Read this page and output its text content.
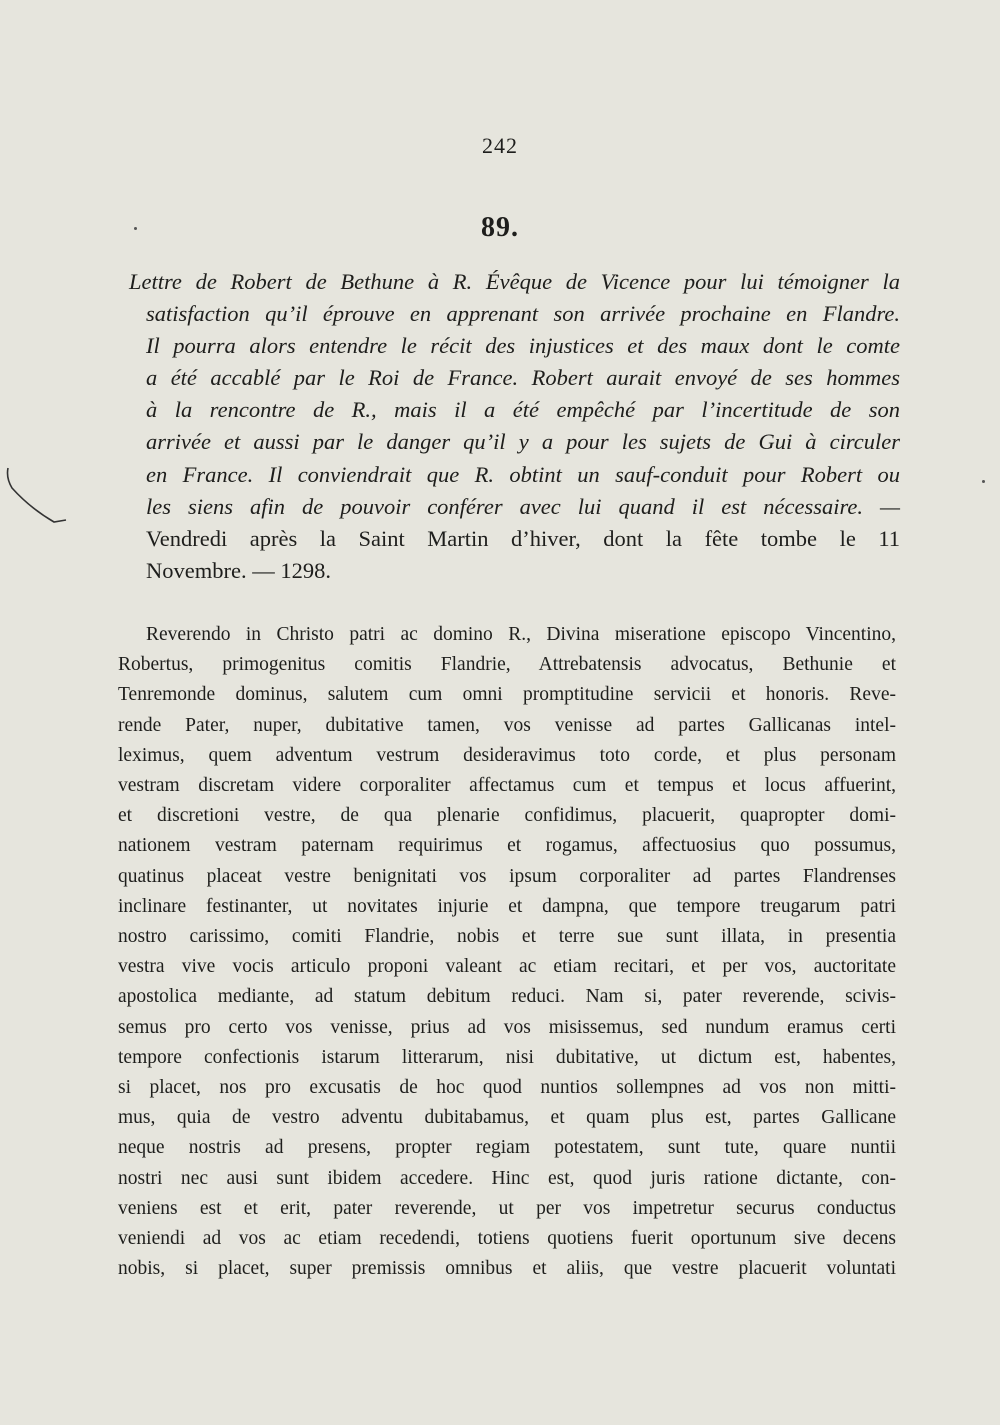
242
89.
Lettre de Robert de Bethune à R. Évêque de Vicence pour lui témoigner la
satisfaction qu’il éprouve en apprenant son arrivée prochaine en Flandre.
Il pourra alors entendre le récit des injustices et des maux dont le comte
a été accablé par le Roi de France. Robert aurait envoyé de ses hommes
à la rencontre de R., mais il a été empêché par l’incertitude de son
arrivée et aussi par le danger qu’il y a pour les sujets de Gui à circuler
en France. Il conviendrait que R. obtint un sauf-conduit pour Robert ou
les siens afin de pouvoir conférer avec lui quand il est nécessaire. —
Vendredi après la Saint Martin d’hiver, dont la fête tombe le 11
Novembre. — 1298.
Reverendo in Christo patri ac domino R., Divina miseratione episcopo Vincentino,
Robertus, primogenitus comitis Flandrie, Attrebatensis advocatus, Bethunie et
Tenremonde dominus, salutem cum omni promptitudine servicii et honoris. Reve-
rende Pater, nuper, dubitative tamen, vos venisse ad partes Gallicanas intel-
leximus, quem adventum vestrum desideravimus toto corde, et plus personam
vestram discretam videre corporaliter affectamus cum et tempus et locus affuerint,
et discretioni vestre, de qua plenarie confidimus, placuerit, quapropter domi-
nationem vestram paternam requirimus et rogamus, affectuosius quo possumus,
quatinus placeat vestre benignitati vos ipsum corporaliter ad partes Flandrenses
inclinare festinanter, ut novitates injurie et dampna, que tempore treugarum patri
nostro carissimo, comiti Flandrie, nobis et terre sue sunt illata, in presentia
vestra vive vocis articulo proponi valeant ac etiam recitari, et per vos, auctoritate
apostolica mediante, ad statum debitum reduci. Nam si, pater reverende, scivis-
semus pro certo vos venisse, prius ad vos misissemus, sed nundum eramus certi
tempore confectionis istarum litterarum, nisi dubitative, ut dictum est, habentes,
si placet, nos pro excusatis de hoc quod nuntios sollempnes ad vos non mitti-
mus, quia de vestro adventu dubitabamus, et quam plus est, partes Gallicane
neque nostris ad presens, propter regiam potestatem, sunt tute, quare nuntii
nostri nec ausi sunt ibidem accedere. Hinc est, quod juris ratione dictante, con-
veniens est et erit, pater reverende, ut per vos impetretur securus conductus
veniendi ad vos ac etiam recedendi, totiens quotiens fuerit oportunum sive decens
nobis, si placet, super premissis omnibus et aliis, que vestre placuerit voluntati
